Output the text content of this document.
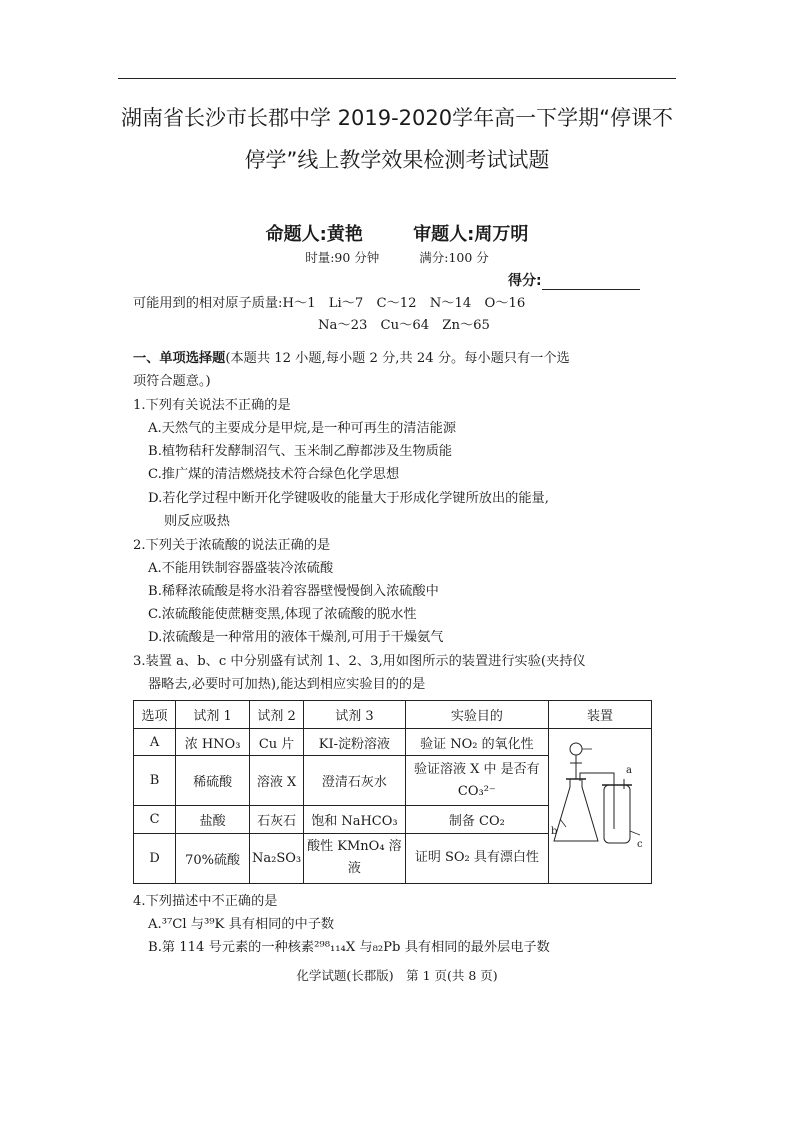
湖南省长沙市长郡中学 2019-2020学年高一下学期“停课不
停学”线上教学效果检测考试试题
命题人:黄艳	审题人:周万明
时量:90 分钟	满分:100 分
得分:
可能用到的相对原子质量:H～1　Li～7　C～12　N～14　O～16
Na～23　Cu～64　Zn～65
一、单项选择题(本题共 12 小题,每小题 2 分,共 24 分。每小题只有一个选
项符合题意。)
1.下列有关说法不正确的是
A.天然气的主要成分是甲烷,是一种可再生的清洁能源
B.植物秸秆发酵制沼气、玉米制乙醇都涉及生物质能
C.推广煤的清洁燃烧技术符合绿色化学思想
D.若化学过程中断开化学键吸收的能量大于形成化学键所放出的能量,
则反应吸热
2.下列关于浓硫酸的说法正确的是
A.不能用铁制容器盛装冷浓硫酸
B.稀释浓硫酸是将水沿着容器壁慢慢倒入浓硫酸中
C.浓硫酸能使蔗糖变黑,体现了浓硫酸的脱水性
D.浓硫酸是一种常用的液体干燥剂,可用于干燥氨气
3.装置 a、b、c 中分别盛有试剂 1、2、3,用如图所示的装置进行实验(夹持仪
器略去,必要时可加热),能达到相应实验目的的是
选项	试剂 1	试剂 2	试剂 3	实验目的	装置
A	浓 HNO₃	Cu 片	KI-淀粉溶液	验证 NO₂ 的氧化性	a
b
c

B	稀硫酸	溶液 X	澄清石灰水	验证溶液 X 中 是否有 CO₃²⁻	
C	盐酸	石灰石	饱和 NaHCO₃	制备 CO₂	
D	70%硫酸	Na₂SO₃	酸性 KMnO₄ 溶液	证明 SO₂ 具有漂白性	
4.下列描述中不正确的是
A.³⁷Cl 与³⁹K 具有相同的中子数
B.第 114 号元素的一种核素²⁹⁸₁₁₄X 与₈₂Pb 具有相同的最外层电子数
化学试题(长郡版)　第 1 页(共 8 页)
